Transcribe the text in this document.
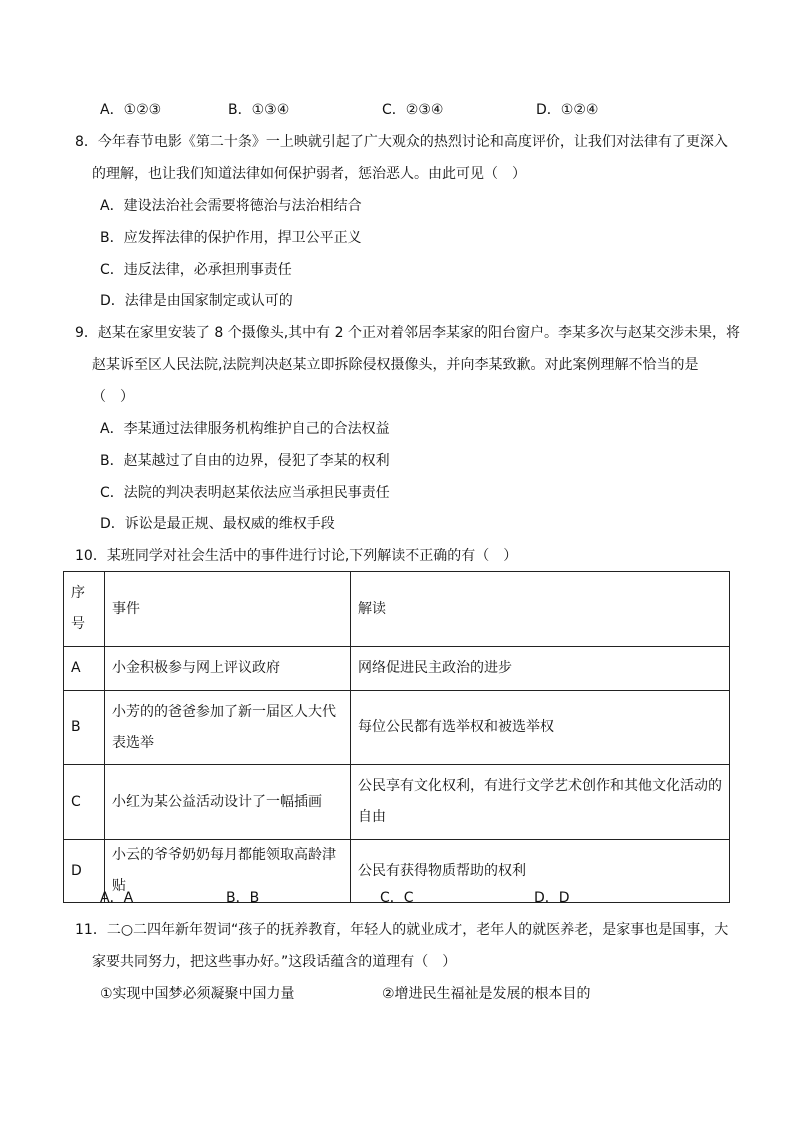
A．①②③	B．①③④	C．②③④	D．①②④
8．今年春节电影《第二十条》一上映就引起了广大观众的热烈讨论和高度评价，让我们对法律有了更深入
的理解，也让我们知道法律如何保护弱者，惩治恶人。由此可见（　）
A．建设法治社会需要将德治与法治相结合
B．应发挥法律的保护作用，捍卫公平正义
C．违反法律，必承担刑事责任
D．法律是由国家制定或认可的
9．赵某在家里安装了 8 个摄像头,其中有 2 个正对着邻居李某家的阳台窗户。李某多次与赵某交涉未果，将
赵某诉至区人民法院,法院判决赵某立即拆除侵权摄像头，并向李某致歉。对此案例理解不恰当的是
（　）
A．李某通过法律服务机构维护自己的合法权益
B．赵某越过了自由的边界，侵犯了李某的权利
C．法院的判决表明赵某依法应当承担民事责任
D．诉讼是最正规、最权威的维权手段
10．某班同学对社会生活中的事件进行讨论,下列解读不正确的有（　）
序号	事件	解读
A	小金积极参与网上评议政府	网络促进民主政治的进步
B	小芳的的爸爸参加了新一届区人大代表选举	每位公民都有选举权和被选举权
C	小红为某公益活动设计了一幅插画	公民享有文化权利，有进行文学艺术创作和其他文化活动的自由
D	小云的爷爷奶奶每月都能领取高龄津贴	公民有获得物质帮助的权利
A．A	B．B	C．C	D．D
11．二○二四年新年贺词“孩子的抚养教育，年轻人的就业成才，老年人的就医养老，是家事也是国事，大
家要共同努力，把这些事办好。”这段话蕴含的道理有（　）
①实现中国梦必须凝聚中国力量	②增进民生福祉是发展的根本目的
